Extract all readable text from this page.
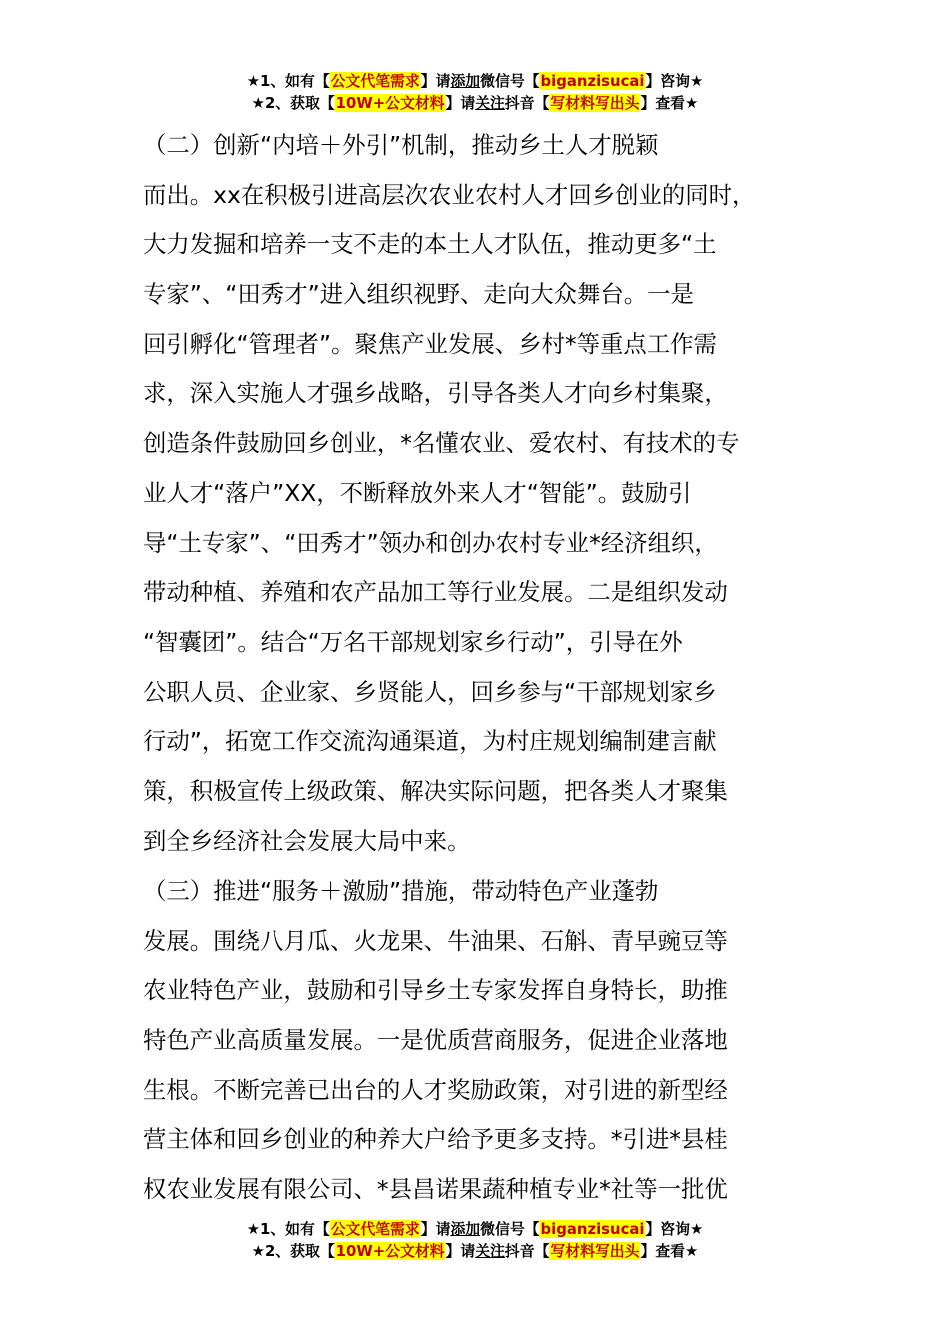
★1、如有【公文代笔需求】请添加微信号【biganzisucai】咨询★
★2、获取【10W+公文材料】请关注抖音【写材料写出头】查看★
（二）创新“内培＋外引”机制，推动乡土人才脱颖
而出。xx在积极引进高层次农业农村人才回乡创业的同时，
大力发掘和培养一支不走的本土人才队伍，推动更多“土
专家”、“田秀才”进入组织视野、走向大众舞台。一是
回引孵化“管理者”。聚焦产业发展、乡村*等重点工作需
求，深入实施人才强乡战略，引导各类人才向乡村集聚，
创造条件鼓励回乡创业，*名懂农业、爱农村、有技术的专
业人才“落户”XX，不断释放外来人才“智能”。鼓励引
导“土专家”、“田秀才”领办和创办农村专业*经济组织，
带动种植、养殖和农产品加工等行业发展。二是组织发动
“智囊团”。结合“万名干部规划家乡行动”，引导在外
公职人员、企业家、乡贤能人，回乡参与“干部规划家乡
行动”，拓宽工作交流沟通渠道，为村庄规划编制建言献
策，积极宣传上级政策、解决实际问题，把各类人才聚集
到全乡经济社会发展大局中来。
（三）推进“服务＋激励”措施，带动特色产业蓬勃
发展。围绕八月瓜、火龙果、牛油果、石斛、青早豌豆等
农业特色产业，鼓励和引导乡土专家发挥自身特长，助推
特色产业高质量发展。一是优质营商服务，促进企业落地
生根。不断完善已出台的人才奖励政策，对引进的新型经
营主体和回乡创业的种养大户给予更多支持。*引进*县桂
权农业发展有限公司、*县昌诺果蔬种植专业*社等一批优
★1、如有【公文代笔需求】请添加微信号【biganzisucai】咨询★
★2、获取【10W+公文材料】请关注抖音【写材料写出头】查看★
